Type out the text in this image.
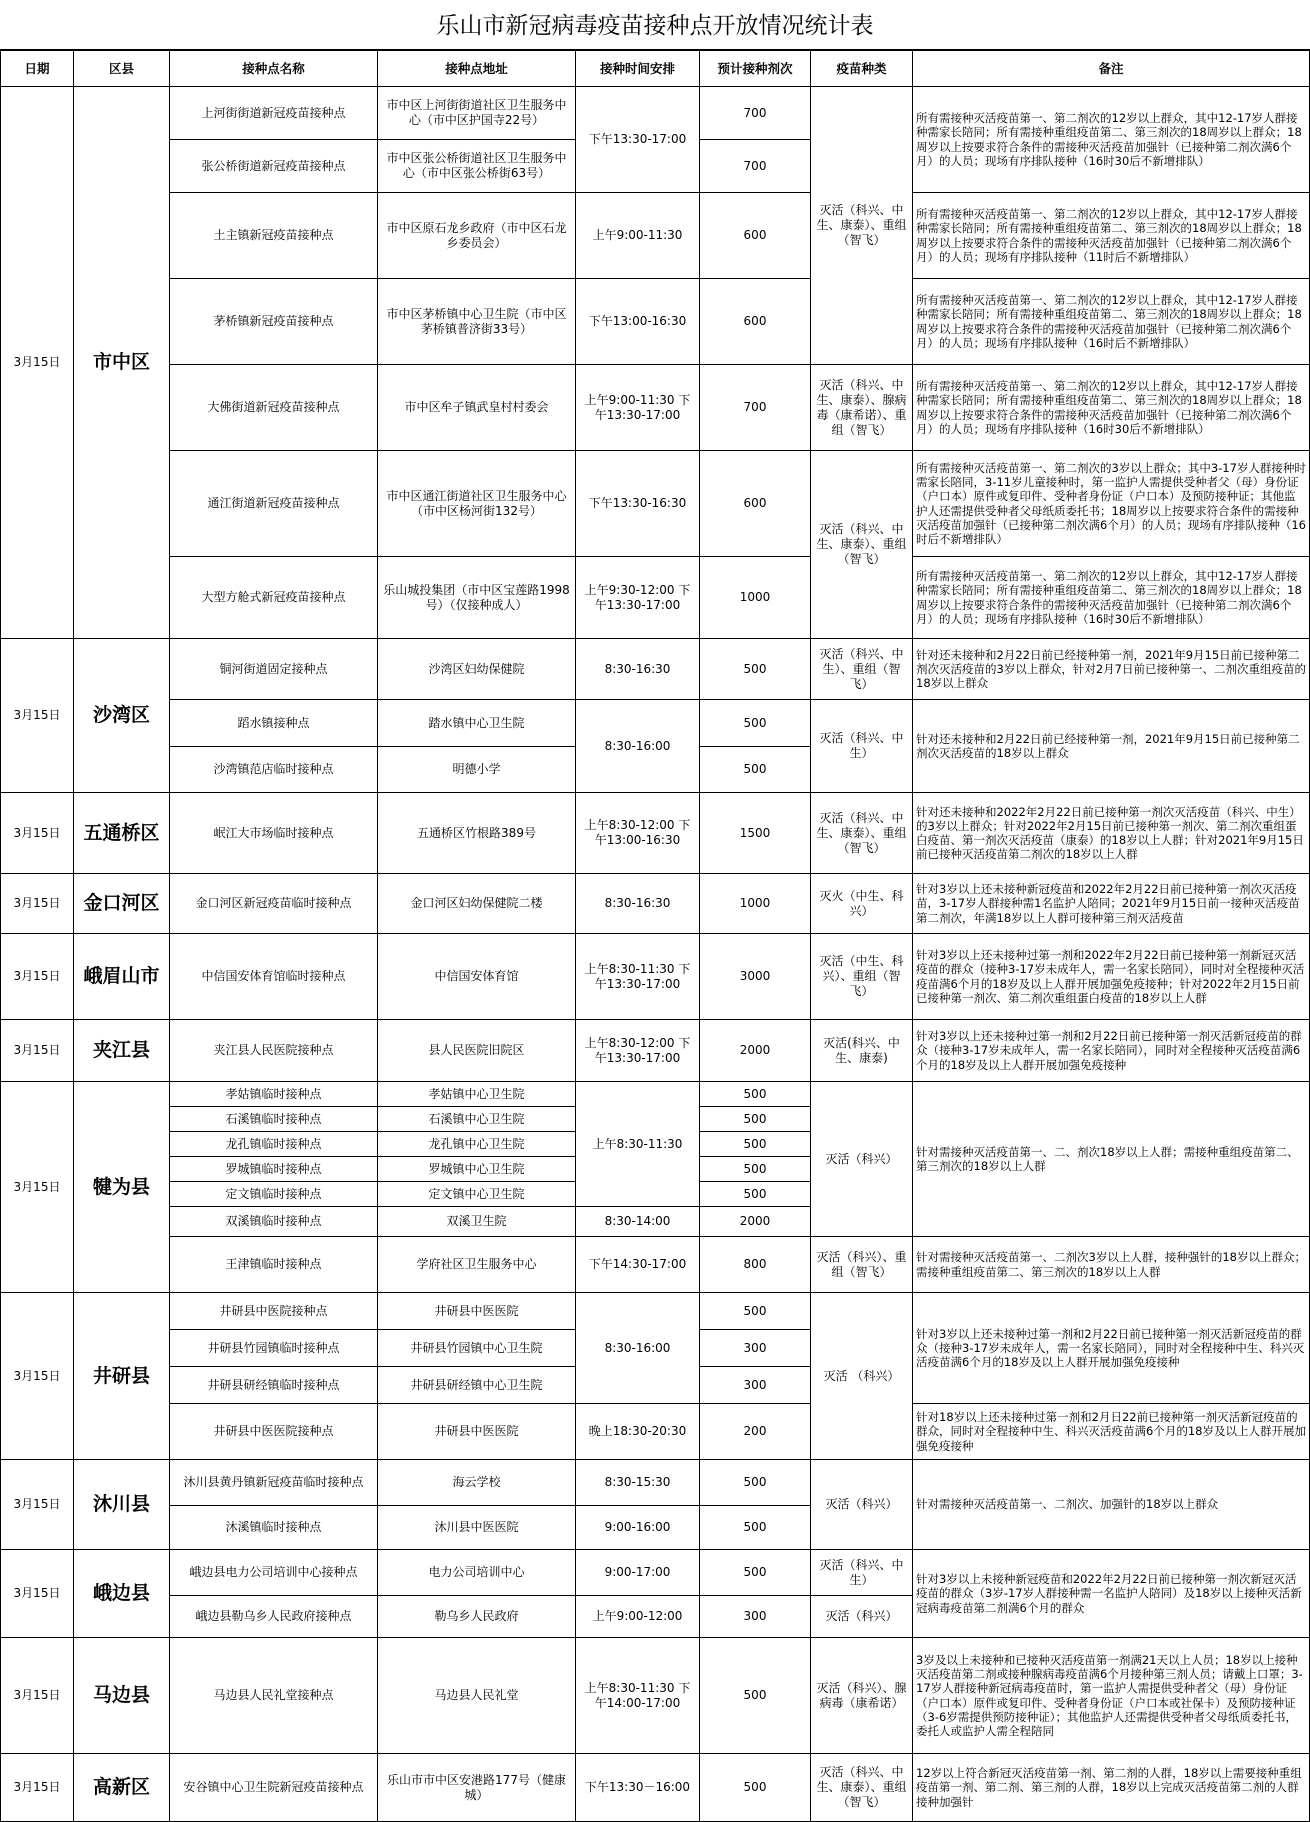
乐山市新冠病毒疫苗接种点开放情况统计表
日期	区县	接种点名称	接种点地址	接种时间安排	预计接种剂次	疫苗种类	备注
3月15日	市中区	上河街街道新冠疫苗接种点	市中区上河街街道社区卫生服务中心（市中区护国寺22号）	下午13:30-17:00	700	灭活（科兴、中生、康泰）、重组（智飞）	所有需接种灭活疫苗第一、第二剂次的12岁以上群众，其中12-17岁人群接种需家长陪同；所有需接种重组疫苗第二、第三剂次的18周岁以上群众；18周岁以上按要求符合条件的需接种灭活疫苗加强针（已接种第二剂次满6个月）的人员；现场有序排队接种（16时30后不新增排队）
		张公桥街道新冠疫苗接种点	市中区张公桥街道社区卫生服务中心（市中区张公桥街63号）		700		
		土主镇新冠疫苗接种点	市中区原石龙乡政府（市中区石龙乡委员会）	上午9:00-11:30	600		所有需接种灭活疫苗第一、第二剂次的12岁以上群众，其中12-17岁人群接种需家长陪同；所有需接种重组疫苗第二、第三剂次的18周岁以上群众；18周岁以上按要求符合条件的需接种灭活疫苗加强针（已接种第二剂次满6个月）的人员；现场有序排队接种（11时后不新增排队）
		茅桥镇新冠疫苗接种点	市中区茅桥镇中心卫生院（市中区茅桥镇普济街33号）	下午13:00-16:30	600		所有需接种灭活疫苗第一、第二剂次的12岁以上群众，其中12-17岁人群接种需家长陪同；所有需接种重组疫苗第二、第三剂次的18周岁以上群众；18周岁以上按要求符合条件的需接种灭活疫苗加强针（已接种第二剂次满6个月）的人员；现场有序排队接种（16时后不新增排队）
		大佛街道新冠疫苗接种点	市中区牟子镇武皇村村委会	上午9:00-11:30 下午13:30-17:00	700	灭活（科兴、中生、康泰）、腺病毒（康希诺）、重组（智飞）	所有需接种灭活疫苗第一、第二剂次的12岁以上群众，其中12-17岁人群接种需家长陪同；所有需接种重组疫苗第二、第三剂次的18周岁以上群众；18周岁以上按要求符合条件的需接种灭活疫苗加强针（已接种第二剂次满6个月）的人员；现场有序排队接种（16时30后不新增排队）
		通江街道新冠疫苗接种点	市中区通江街道社区卫生服务中心（市中区杨河街132号）	下午13:30-16:30	600	灭活（科兴、中生、康泰）、重组（智飞）	所有需接种灭活疫苗第一、第二剂次的3岁以上群众；其中3-17岁人群接种时需家长陪同，3-11岁儿童接种时，第一监护人需提供受种者父（母）身份证（户口本）原件或复印件、受种者身份证（户口本）及预防接种证；其他监护人还需提供受种者父母纸质委托书；18周岁以上按要求符合条件的需接种灭活疫苗加强针（已接种第二剂次满6个月）的人员；现场有序排队接种（16时后不新增排队）
		大型方舱式新冠疫苗接种点	乐山城投集团（市中区宝莲路1998号）（仅接种成人）	上午9:30-12:00 下午13:30-17:00	1000		所有需接种灭活疫苗第一、第二剂次的12岁以上群众，其中12-17岁人群接种需家长陪同；所有需接种重组疫苗第二、第三剂次的18周岁以上群众；18周岁以上按要求符合条件的需接种灭活疫苗加强针（已接种第二剂次满6个月）的人员；现场有序排队接种（16时30后不新增排队）
3月15日	沙湾区	铜河街道固定接种点	沙湾区妇幼保健院	8:30-16:30	500	灭活（科兴、中生）、重组（智飞）	针对还未接种和2月22日前已经接种第一剂，2021年9月15日前已接种第二剂次灭活疫苗的3岁以上群众，针对2月7日前已接种第一、二剂次重组疫苗的18岁以上群众
		蹈水镇接种点	踏水镇中心卫生院	8:30-16:00	500	灭活（科兴、中生）	针对还未接种和2月22日前已经接种第一剂，2021年9月15日前已接种第二剂次灭活疫苗的18岁以上群众
		沙湾镇范店临时接种点	明德小学		500		
3月15日	五通桥区	岷江大市场临时接种点	五通桥区竹根路389号	上午8:30-12:00 下午13:00-16:30	1500	灭活（科兴、中生、康泰）、重组（智飞）	针对还未接种和2022年2月22日前已接种第一剂次灭活疫苗（科兴、中生）的3岁以上群众；针对2022年2月15日前已接种第一剂次、第二剂次重组蛋白疫苗、第一剂次灭活疫苗（康泰）的18岁以上人群；针对2021年9月15日前已接种灭活疫苗第二剂次的18岁以上人群
3月15日	金口河区	金口河区新冠疫苗临时接种点	金口河区妇幼保健院二楼	8:30-16:30	1000	灭火（中生、科兴）	针对3岁以上还未接种新冠疫苗和2022年2月22日前已接种第一剂次灭活疫苗，3-17岁人群接种需1名监护人陪同；2021年9月15日前一接种灭活疫苗第二剂次，年满18岁以上人群可接种第三剂灭活疫苗
3月15日	峨眉山市	中信国安体育馆临时接种点	中信国安体育馆	上午8:30-11:30 下午13:30-17:00	3000	灭活（中生、科兴）、重组（智飞）	针对3岁以上还未接种过第一剂和2022年2月22日前已接种第一剂新冠灭活疫苗的群众（接种3-17岁未成年人，需一名家长陪同），同时对全程接种灭活疫苗满6个月的18岁及以上人群开展加强免疫接种；针对2022年2月15日前已接种第一剂次、第二剂次重组蛋白疫苗的18岁以上人群
3月15日	夹江县	夹江县人民医院接种点	县人民医院旧院区	上午8:30-12:00 下午13:30-17:00	2000	灭活(科兴、中生、康泰)	针对3岁以上还未接种过第一剂和2月22日前已接种第一剂灭活新冠疫苗的群众（接种3-17岁未成年人，需一名家长陪同），同时对全程接种灭活疫苗满6个月的18岁及以上人群开展加强免疫接种
3月15日	犍为县	孝姑镇临时接种点	孝姑镇中心卫生院	上午8:30-11:30	500	灭活（科兴）	针对需接种灭活疫苗第一、二、剂次18岁以上人群；需接种重组疫苗第二、第三剂次的18岁以上人群
		石溪镇临时接种点	石溪镇中心卫生院		500		
		龙孔镇临时接种点	龙孔镇中心卫生院		500		
		罗城镇临时接种点	罗城镇中心卫生院		500		
		定文镇临时接种点	定文镇中心卫生院		500		
		双溪镇临时接种点	双溪卫生院	8:30-14:00	2000		
		王津镇临时接种点	学府社区卫生服务中心	下午14:30-17:00	800	灭活（科兴）、重组（智飞）	针对需接种灭活疫苗第一、二剂次3岁以上人群，接种强针的18岁以上群众；需接种重组疫苗第二、第三剂次的18岁以上人群
3月15日	井研县	井研县中医院接种点	井研县中医医院	8:30-16:00	500	灭活 （科兴）	针对3岁以上还未接种过第一剂和2月22日前已接种第一剂灭活新冠疫苗的群众（接种3-17岁未成年人，需一名家长陪同），同时对全程接种中生、科兴灭活疫苗满6个月的18岁及以上人群开展加强免疫接种
		井研县竹园镇临时接种点	井研县竹园镇中心卫生院		300		
		井研县研经镇临时接种点	井研县研经镇中心卫生院		300		
		井研县中医医院接种点	井研县中医医院	晚上18:30-20:30	200		针对18岁以上还未接种过第一剂和2月日22前已接种第一剂灭活新冠疫苗的群众，同时对全程接种中生、科兴灭活疫苗满6个月的18岁及以上人群开展加强免疫接种
3月15日	沐川县	沐川县黄丹镇新冠疫苗临时接种点	海云学校	8:30-15:30	500	灭活（科兴）	针对需接种灭活疫苗第一、二剂次、加强针的18岁以上群众
		沐溪镇临时接种点	沐川县中医医院	9:00-16:00	500		
3月15日	峨边县	峨边县电力公司培训中心接种点	电力公司培训中心	9:00-17:00	500	灭活（科兴、中生）	针对3岁以上未接种新冠疫苗和2022年2月22日前已接种第一剂次新冠灭活疫苗的群众（3岁-17岁人群接种需一名监护人陪同）及18岁以上接种灭活新冠病毒疫苗第二剂满6个月的群众
		峨边县勒乌乡人民政府接种点	勒乌乡人民政府	上午9:00-12:00	300	灭活（科兴）	
3月15日	马边县	马边县人民礼堂接种点	马边县人民礼堂	上午8:30-11:30 下午14:00-17:00	500	灭活（科兴）、腺病毒（康希诺）	3岁及以上未接种和已接种灭活疫苗第一剂满21天以上人员；18岁以上接种灭活疫苗第二剂或接种腺病毒疫苗满6个月接种第三剂人员；请戴上口罩；3-17岁人群接种新冠病毒疫苗时，第一监护人需提供受种者父（母）身份证（户口本）原件或复印件、受种者身份证（户口本或社保卡）及预防接种证（3-6岁需提供预防接种证）；其他监护人还需提供受种者父母纸质委托书，委托人或监护人需全程陪同
3月15日	高新区	安谷镇中心卫生院新冠疫苗接种点	乐山市市中区安港路177号（健康城）	下午13:30－16:00	500	灭活（科兴、中生、康泰）、重组（智飞）	12岁以上符合新冠灭活疫苗第一剂、第二剂的人群，18岁以上需要接种重组疫苗第一剂、第二剂、第三剂的人群，18岁以上完成灭活疫苗第二剂的人群接种加强针
